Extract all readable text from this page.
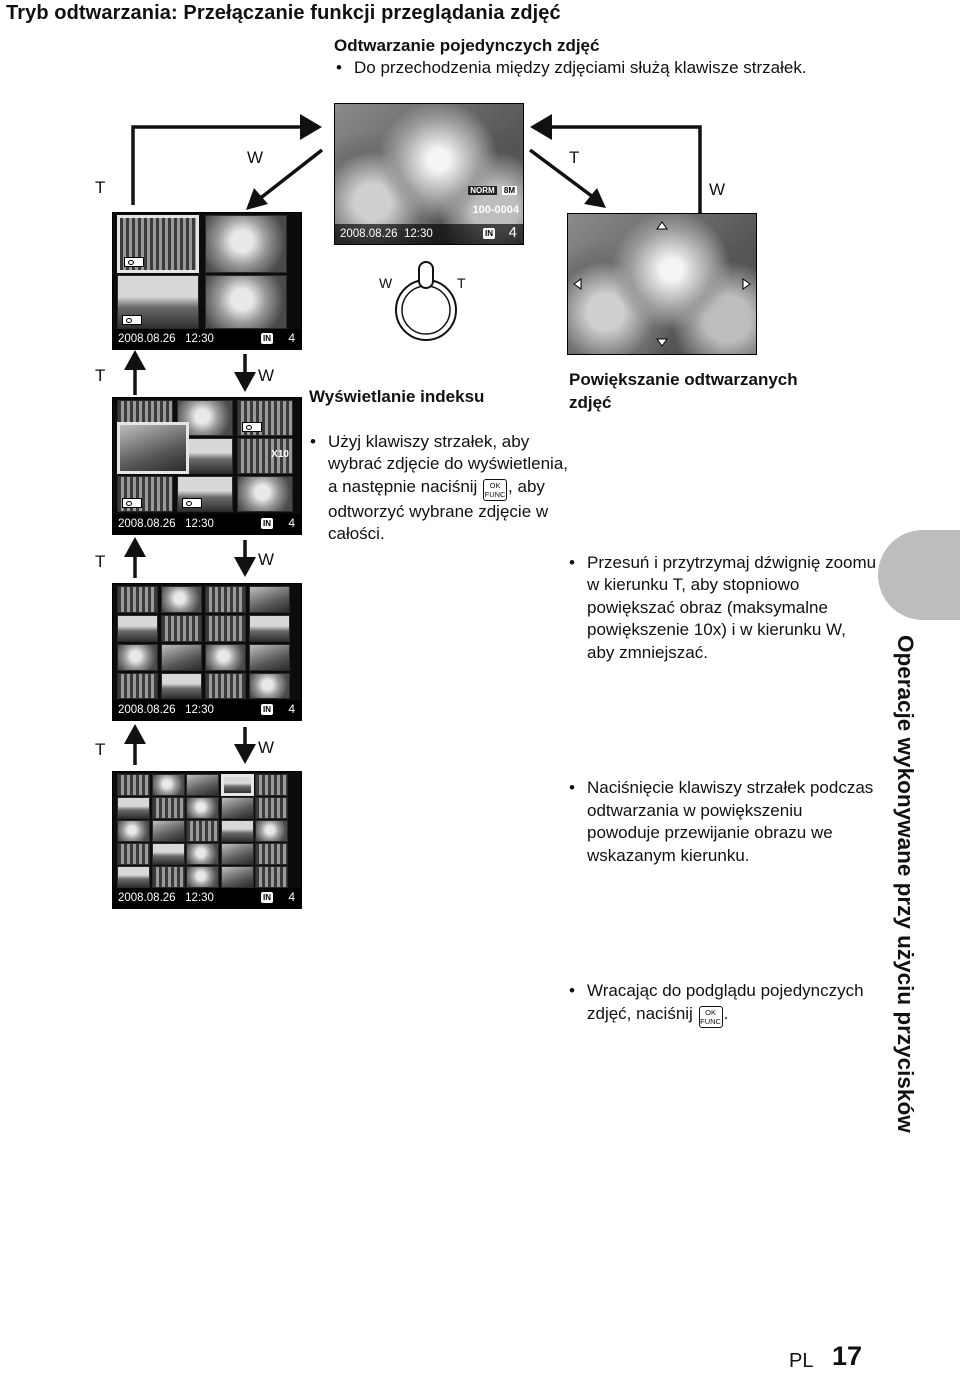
Tryb odtwarzania: Przełączanie funkcji przeglądania zdjęć
Odtwarzanie pojedynczych zdjęć
• Do przechodzenia między zdjęciami służą klawisze strzałek.
NORM 8M
100-0004
2008.08.26
12:30	IN 4
W
T
T
W
T	W
T	W
T	W
W	T
2008.08.26
12:30	IN 4
X10
2008.08.26
12:30	IN 4
2008.08.26
12:30	IN 4
2008.08.26
12:30	IN 4
Wyświetlanie indeksu
• Użyj klawiszy strzałek, aby wybrać zdjęcie do wyświetlenia, a następnie naciśnij	OK
FUNC , aby odtworzyć wybrane zdjęcie w całości.
Powiększanie odtwarzanych zdjęć
• Przesuń i przytrzymaj dźwignię zoomu w kierunku T, aby stopniowo powiększać obraz (maksymalne powiększenie 10x) i w kierunku W, aby zmniejszać.
• Naciśnięcie klawiszy strzałek podczas odtwarzania w powiększeniu powoduje przewijanie obrazu we wskazanym kierunku.
• Wracając do podglądu pojedynczych zdjęć, naciśnij	OK
FUNC .	Operacje wykonywane przy użyciu przycisków
PL 17
